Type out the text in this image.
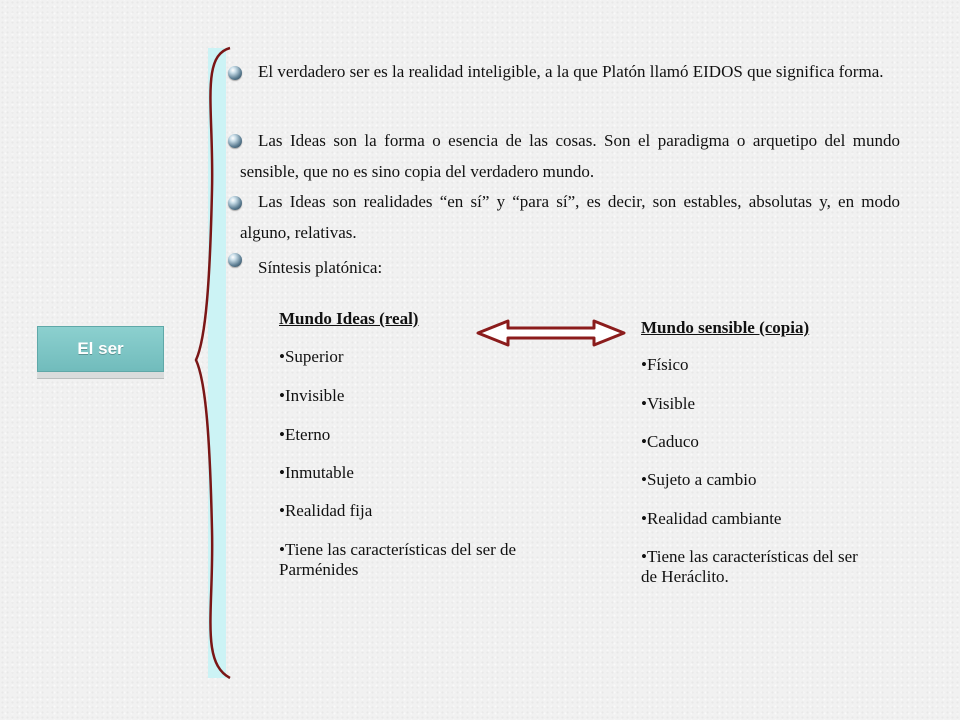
El ser
El verdadero ser es la realidad inteligible, a la que Platón llamó EIDOS que significa forma.
Las Ideas son la forma o esencia de las cosas. Son el paradigma o arquetipo del mundo sensible, que no es sino copia del verdadero mundo.
Las Ideas son realidades “en sí” y “para sí”, es decir, son estables, absolutas y, en modo alguno, relativas.
Síntesis platónica:
Mundo Ideas (real)
•Superior
•Invisible
•Eterno
•Inmutable
•Realidad fija
•Tiene las características del ser de Parménides
Mundo sensible (copia)
•Físico
•Visible
•Caduco
•Sujeto a cambio
•Realidad cambiante
•Tiene las características del ser de Heráclito.
